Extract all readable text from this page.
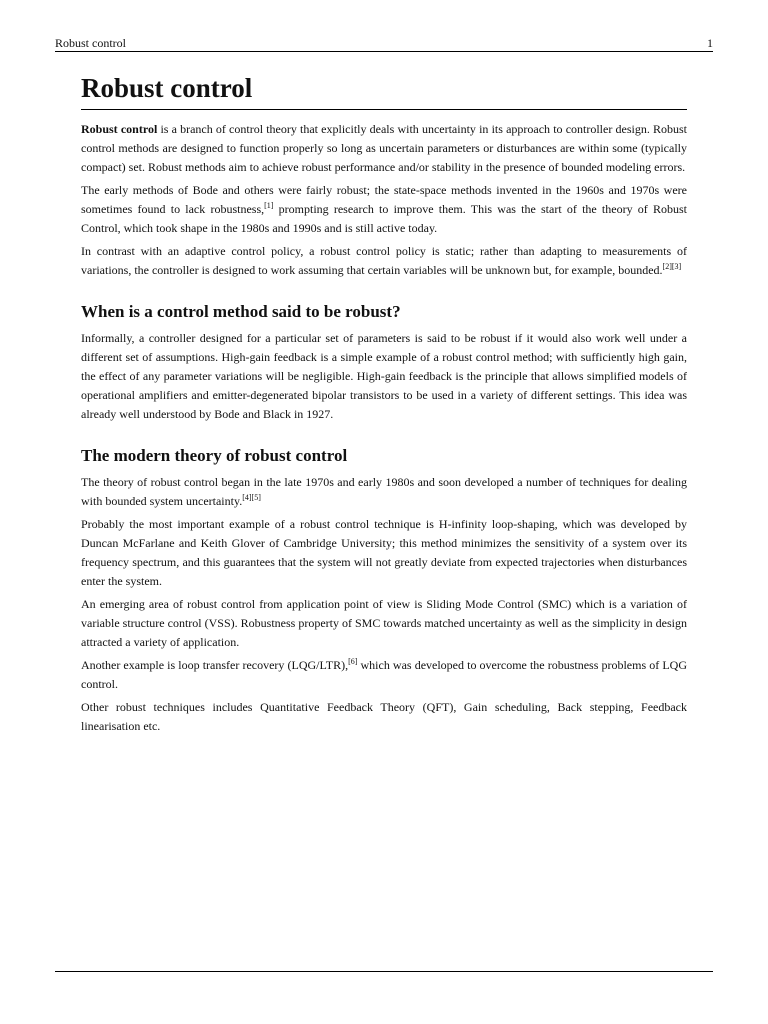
Robust control	1
Robust control

Robust control is a branch of control theory that explicitly deals with uncertainty in its approach to controller design. Robust control methods are designed to function properly so long as uncertain parameters or disturbances are within some (typically compact) set. Robust methods aim to achieve robust performance and/or stability in the presence of bounded modeling errors.

The early methods of Bode and others were fairly robust; the state-space methods invented in the 1960s and 1970s were sometimes found to lack robustness,[1] prompting research to improve them. This was the start of the theory of Robust Control, which took shape in the 1980s and 1990s and is still active today.

In contrast with an adaptive control policy, a robust control policy is static; rather than adapting to measurements of variations, the controller is designed to work assuming that certain variables will be unknown but, for example, bounded.[2][3]

When is a control method said to be robust?

Informally, a controller designed for a particular set of parameters is said to be robust if it would also work well under a different set of assumptions. High-gain feedback is a simple example of a robust control method; with sufficiently high gain, the effect of any parameter variations will be negligible. High-gain feedback is the principle that allows simplified models of operational amplifiers and emitter-degenerated bipolar transistors to be used in a variety of different settings. This idea was already well understood by Bode and Black in 1927.

The modern theory of robust control

The theory of robust control began in the late 1970s and early 1980s and soon developed a number of techniques for dealing with bounded system uncertainty.[4][5]

Probably the most important example of a robust control technique is H-infinity loop-shaping, which was developed by Duncan McFarlane and Keith Glover of Cambridge University; this method minimizes the sensitivity of a system over its frequency spectrum, and this guarantees that the system will not greatly deviate from expected trajectories when disturbances enter the system.

An emerging area of robust control from application point of view is Sliding Mode Control (SMC) which is a variation of variable structure control (VSS). Robustness property of SMC towards matched uncertainty as well as the simplicity in design attracted a variety of application.

Another example is loop transfer recovery (LQG/LTR),[6] which was developed to overcome the robustness problems of LQG control.

Other robust techniques includes Quantitative Feedback Theory (QFT), Gain scheduling, Back stepping, Feedback linearisation etc.
